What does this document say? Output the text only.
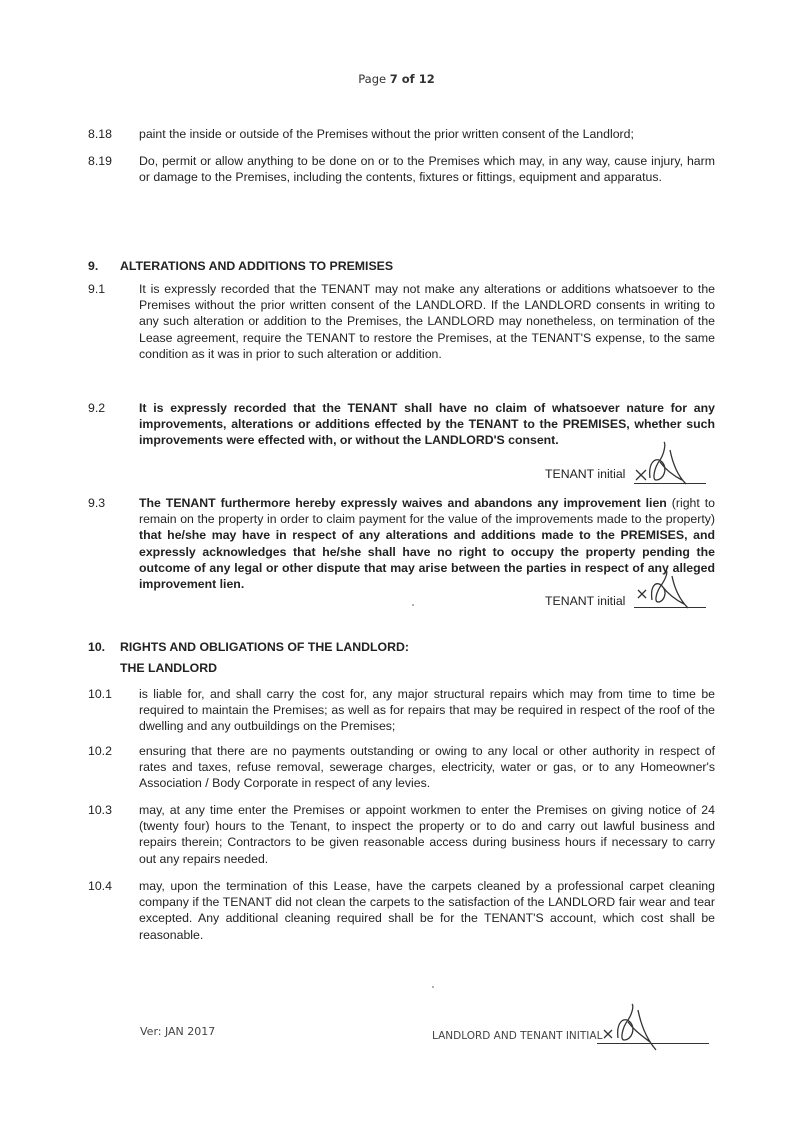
Page 7 of 12
8.18	paint the inside or outside of the Premises without the prior written consent of the Landlord;
8.19	Do, permit or allow anything to be done on or to the Premises which may, in any way, cause injury, harm or damage to the Premises, including the contents, fixtures or fittings, equipment and apparatus.
9. ALTERATIONS AND ADDITIONS TO PREMISES
9.1	It is expressly recorded that the TENANT may not make any alterations or additions whatsoever to the Premises without the prior written consent of the LANDLORD. If the LANDLORD consents in writing to any such alteration or addition to the Premises, the LANDLORD may nonetheless, on termination of the Lease agreement, require the TENANT to restore the Premises, at the TENANT'S expense, to the same condition as it was in prior to such alteration or addition.
9.2	It is expressly recorded that the TENANT shall have no claim of whatsoever nature for any improvements, alterations or additions effected by the TENANT to the PREMISES, whether such improvements were effected with, or without the LANDLORD'S consent.
TENANT initial
9.3	The TENANT furthermore hereby expressly waives and abandons any improvement lien (right to remain on the property in order to claim payment for the value of the improvements made to the property) that he/she may have in respect of any alterations and additions made to the PREMISES, and expressly acknowledges that he/she shall have no right to occupy the property pending the outcome of any legal or other dispute that may arise between the parties in respect of any alleged improvement lien.
TENANT initial
10. RIGHTS AND OBLIGATIONS OF THE LANDLORD:
THE LANDLORD
10.1	is liable for, and shall carry the cost for, any major structural repairs which may from time to time be required to maintain the Premises; as well as for repairs that may be required in respect of the roof of the dwelling and any outbuildings on the Premises;
10.2	ensuring that there are no payments outstanding or owing to any local or other authority in respect of rates and taxes, refuse removal, sewerage charges, electricity, water or gas, or to any Homeowner's Association / Body Corporate in respect of any levies.
10.3	may, at any time enter the Premises or appoint workmen to enter the Premises on giving notice of 24 (twenty four) hours to the Tenant, to inspect the property or to do and carry out lawful business and repairs therein; Contractors to be given reasonable access during business hours if necessary to carry out any repairs needed.
10.4	may, upon the termination of this Lease, have the carpets cleaned by a professional carpet cleaning company if the TENANT did not clean the carpets to the satisfaction of the LANDLORD fair wear and tear excepted. Any additional cleaning required shall be for the TENANT'S account, which cost shall be reasonable.
Ver: JAN 2017	LANDLORD AND TENANT INITIAL
